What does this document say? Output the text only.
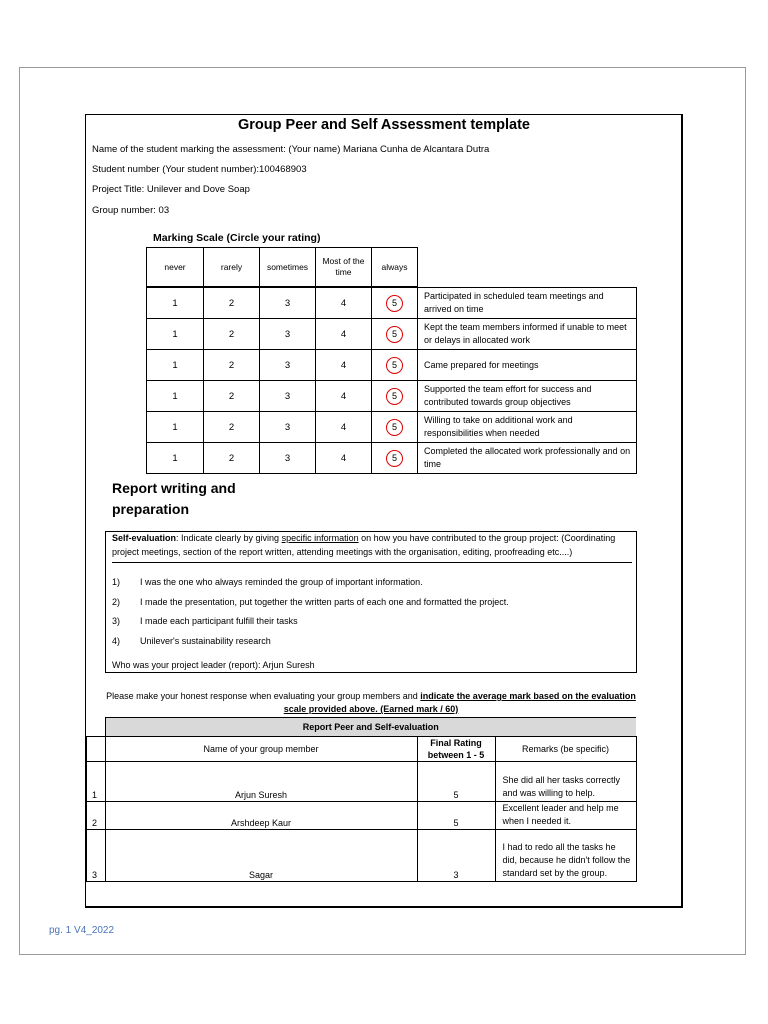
Group Peer and Self Assessment template
Name of the student marking the assessment: (Your name) Mariana Cunha de Alcantara Dutra
Student number (Your student number):100468903
Project Title: Unilever and Dove Soap
Group number: 03
Marking Scale (Circle your rating)
never	rarely	sometimes	Most of the time	always
1	2	3	4	5	Participated in scheduled team meetings and arrived on time
1	2	3	4	5	Kept the team members informed if unable to meet or delays in allocated work
1	2	3	4	5	Came prepared for meetings
1	2	3	4	5	Supported the team effort for success and contributed towards group objectives
1	2	3	4	5	Willing to take on additional work and responsibilities when needed
1	2	3	4	5	Completed the allocated work professionally and on time
Report writing and preparation
Self-evaluation: Indicate clearly by giving specific information on how you have contributed to the group project: (Coordinating project meetings, section of the report written, attending meetings with the organisation, editing, proofreading etc....)
1) I was the one who always reminded the group of important information.
2) I made the presentation, put together the written parts of each one and formatted the project.
3) I made each participant fulfill their tasks
4) Unilever's sustainability research
Who was your project leader (report): Arjun Suresh
Please make your honest response when evaluating your group members and indicate the average mark based on the evaluation scale provided above. (Earned mark / 60)
	Report Peer and Self-evaluation		
	Name of your group member	Final Rating between 1 - 5	Remarks (be specific)
1	Arjun Suresh	5	She did all her tasks correctly and was willing to help.
2	Arshdeep Kaur	5	Excellent leader and help me when I needed it.
3	Sagar	3	I had to redo all the tasks he did, because he didn't follow the standard set by the group.
pg. 1 V4_2022
